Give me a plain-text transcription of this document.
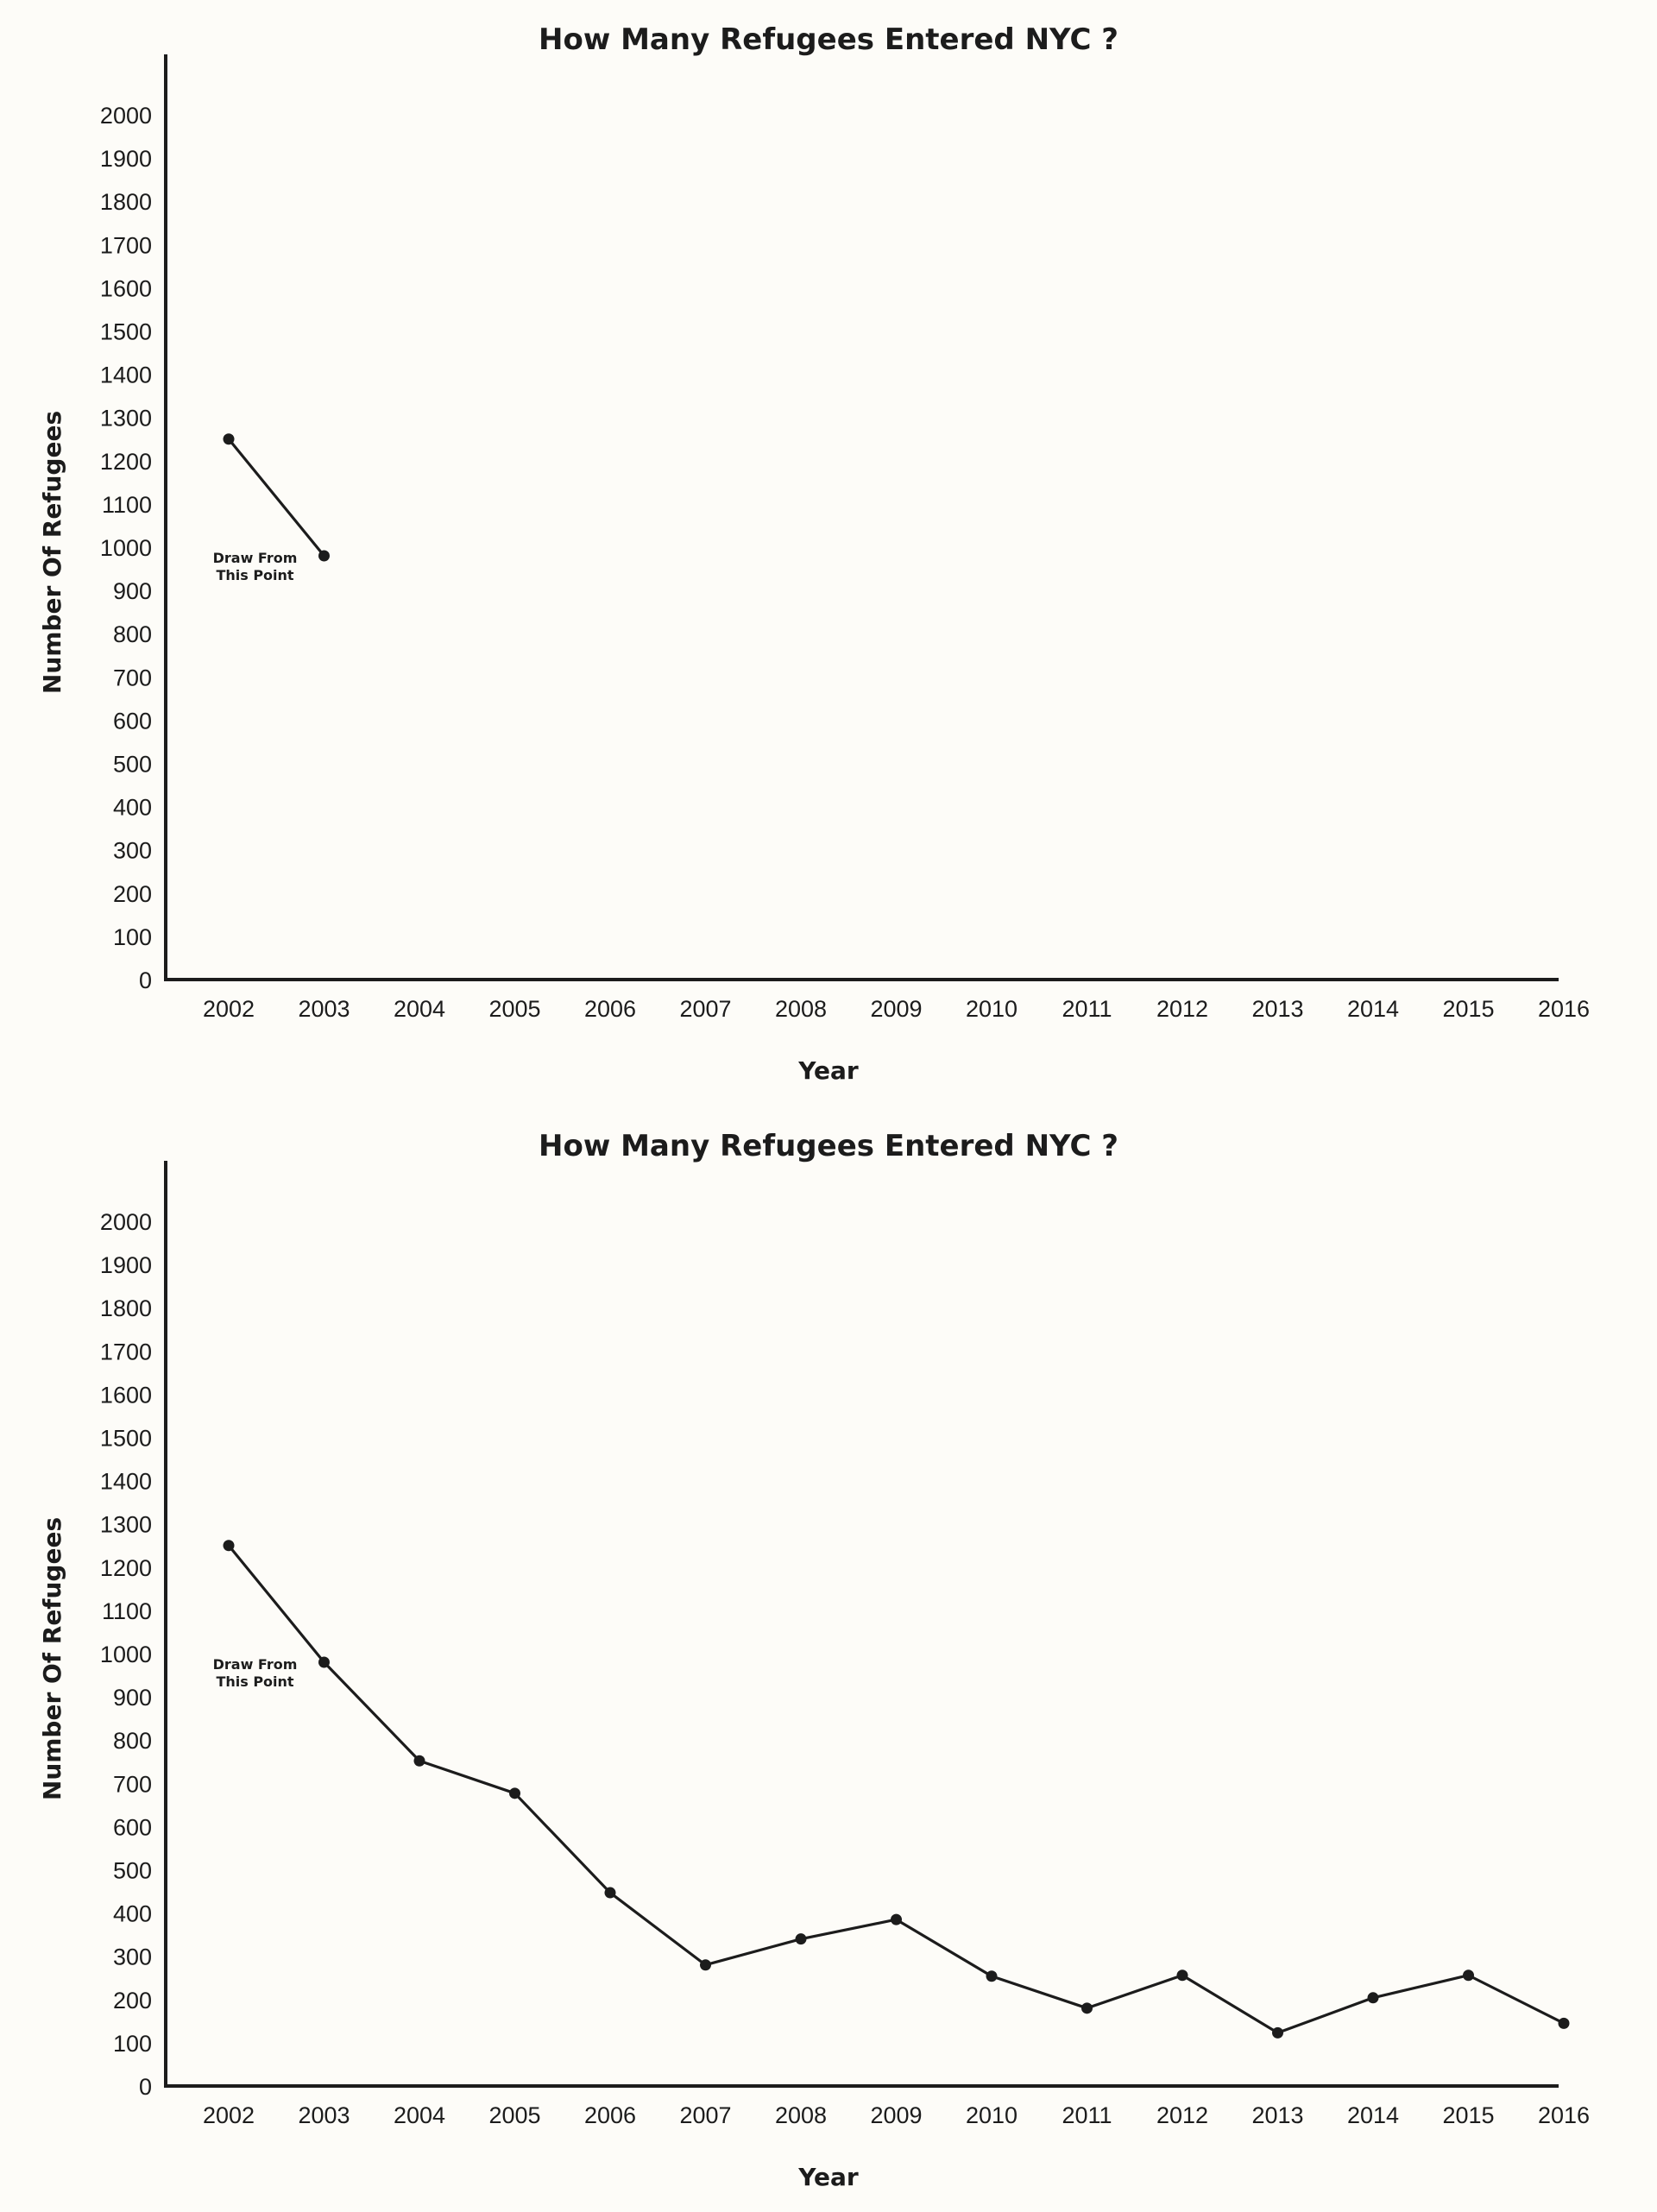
How Many Refugees Entered NYC ?
0
100
200
300
400
500
600
700
800
900
1000
1100
1200
1300
1400
1500
1600
1700
1800
1900
2000
2002 2003 2004 2005 2006 2007 2008 2009 2010 2011 2012 2013 2014 2015 2016
Year
Number Of Refugees	Draw From
This Point
How Many Refugees Entered NYC ?
0
100
200
300
400
500
600
700
800
900
1000
1100
1200
1300
1400
1500
1600
1700
1800
1900
2000
2002 2003 2004 2005 2006 2007 2008 2009 2010 2011 2012 2013 2014 2015 2016
Year
Number Of Refugees	Draw From
This Point
